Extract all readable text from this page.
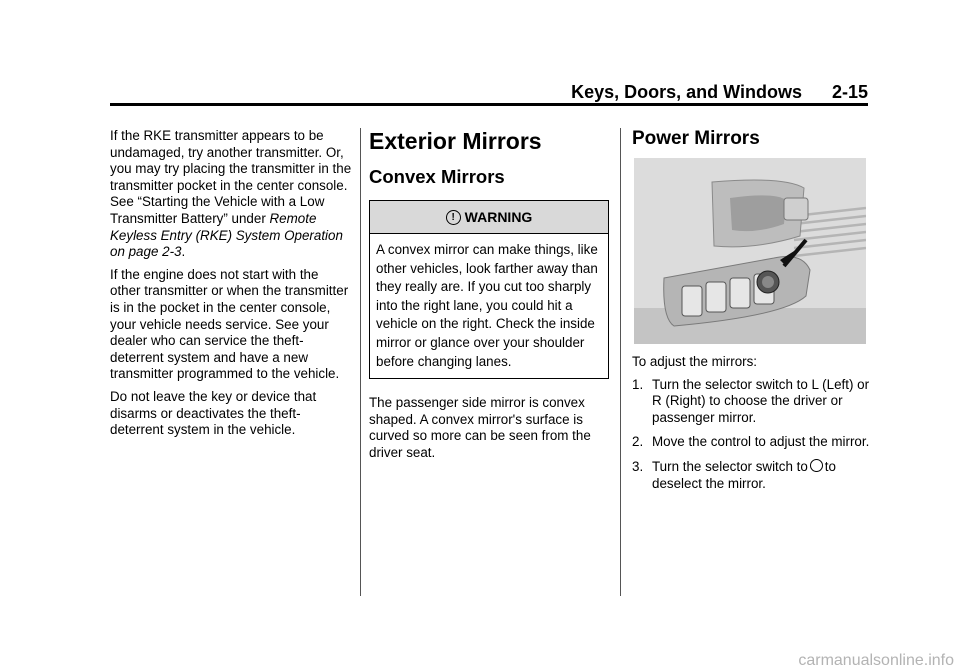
Keys, Doors, and Windows 2-15

If the RKE transmitter appears to be undamaged, try another transmitter. Or, you may try placing the transmitter in the transmitter pocket in the center console. See “Starting the Vehicle with a Low Transmitter Battery” under Remote Keyless Entry (RKE) System Operation on page 2-3.

If the engine does not start with the other transmitter or when the transmitter is in the pocket in the center console, your vehicle needs service. See your dealer who can service the theft-deterrent system and have a new transmitter programmed to the vehicle.

Do not leave the key or device that disarms or deactivates the theft-deterrent system in the vehicle.

Exterior Mirrors
Convex Mirrors
! WARNING
A convex mirror can make things, like other vehicles, look farther away than they really are. If you cut too sharply into the right lane, you could hit a vehicle on the right. Check the inside mirror or glance over your shoulder before changing lanes.

The passenger side mirror is convex shaped. A convex mirror's surface is curved so more can be seen from the driver seat.

Power Mirrors

To adjust the mirrors:

1. Turn the selector switch to L (Left) or R (Right) to choose the driver or passenger mirror.
2. Move the control to adjust the mirror.
3. Turn the selector switch to to deselect the mirror.
carmanualsonline.info
